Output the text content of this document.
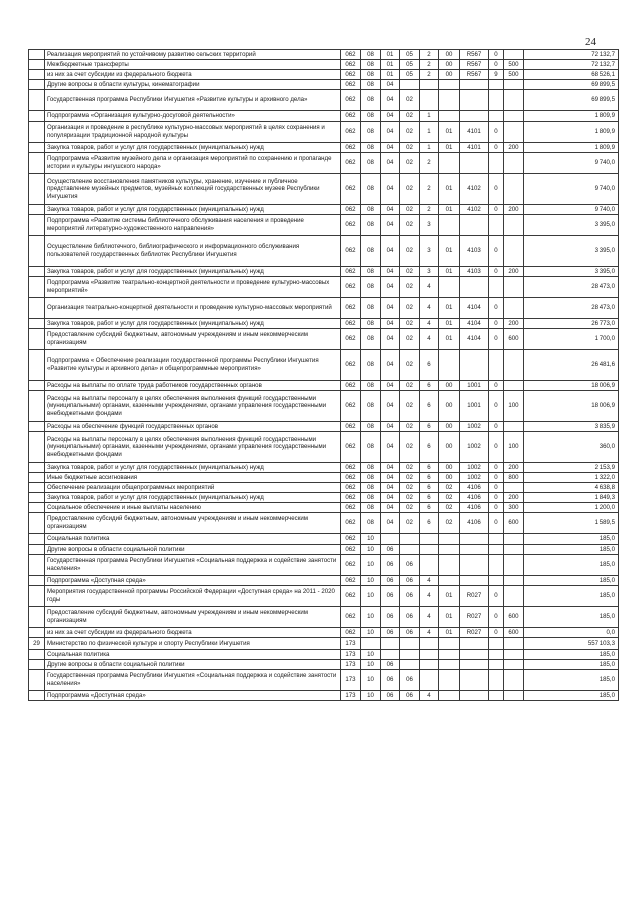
24
	Реализация мероприятий по устойчивому развитию сельских территорий	062	08	01	05	2	00	R567	0		72 132,7
	Межбюджетные трансферты	062	08	01	05	2	00	R567	0	500	72 132,7
	из них за счет субсидии из федерального бюджета	062	08	01	05	2	00	R567	9	500	68 526,1
	Другие вопросы в области культуры, кинематографии	062	08	04							69 899,5
	Государственная программа Республики Ингушетия «Развитие культуры и архивного дела»	062	08	04	02						69 899,5
	Подпрограмма «Организация культурно-досуговой деятельности»	062	08	04	02	1					1 809,9
	Организация и проведение в республике культурно-массовых мероприятий в целях сохранения и популяризации традиционной народной культуры	062	08	04	02	1	01	4101	0		1 809,9
	Закупка товаров, работ и услуг для государственных (муниципальных) нужд	062	08	04	02	1	01	4101	0	200	1 809,9
	Подпрограмма «Развитие музейного дела и организация мероприятий по сохранению и пропаганде истории и культуры ингушского народа»	062	08	04	02	2					9 740,0
	Осуществление восстановления памятников культуры, хранение, изучение и публичное представление музейных предметов, музейных коллекций государственных музеев Республики Ингушетия	062	08	04	02	2	01	4102	0		9 740,0
	Закупка товаров, работ и услуг для государственных (муниципальных) нужд	062	08	04	02	2	01	4102	0	200	9 740,0
	Подпрограмма «Развитие системы библиотечного обслуживания населения и проведение мероприятий литературно-художественного направления»	062	08	04	02	3					3 395,0
	Осуществление библиотечного, библиографического и информационного обслуживания пользователей государственных библиотек Республики Ингушетия	062	08	04	02	3	01	4103	0		3 395,0
	Закупка товаров, работ и услуг для государственных (муниципальных) нужд	062	08	04	02	3	01	4103	0	200	3 395,0
	Подпрограмма «Развитие театрально-концертной деятельности и проведение культурно-массовых мероприятий»	062	08	04	02	4					28 473,0
	Организация театрально-концертной деятельности и проведение культурно-массовых мероприятий	062	08	04	02	4	01	4104	0		28 473,0
	Закупка товаров, работ и услуг для государственных (муниципальных) нужд	062	08	04	02	4	01	4104	0	200	26 773,0
	Предоставление субсидий бюджетным, автономным учреждениям и иным некоммерческим организациям	062	08	04	02	4	01	4104	0	600	1 700,0
	Подпрограмма « Обеспечение реализации государственной программы Республики Ингушетия «Развитие культуры и архивного дела» и общепрограммные мероприятия»	062	08	04	02	6					26 481,6
	Расходы на выплаты по оплате труда работников государственных органов	062	08	04	02	6	00	1001	0		18 006,9
	Расходы на выплаты персоналу в целях обеспечения выполнения функций государственными (муниципальными) органами, казенными учреждениями, органами управления государственными внебюджетными фондами	062	08	04	02	6	00	1001	0	100	18 006,9
	Расходы на обеспечение функций государственных органов	062	08	04	02	6	00	1002	0		3 835,9
	Расходы на выплаты персоналу в целях обеспечения выполнения функций государственными (муниципальными) органами, казенными учреждениями, органами управления государственными внебюджетными фондами	062	08	04	02	6	00	1002	0	100	360,0
	Закупка товаров, работ и услуг для государственных (муниципальных) нужд	062	08	04	02	6	00	1002	0	200	2 153,9
	Иные бюджетные ассигнования	062	08	04	02	6	00	1002	0	800	1 322,0
	Обеспечение реализации общепрограммных мероприятий	062	08	04	02	6	02	4106	0		4 638,8
	Закупка товаров, работ и услуг для государственных (муниципальных) нужд	062	08	04	02	6	02	4106	0	200	1 849,3
	Социальное обеспечение и иные выплаты населению	062	08	04	02	6	02	4106	0	300	1 200,0
	Предоставление субсидий бюджетным, автономным учреждениям и иным некоммерческим организациям	062	08	04	02	6	02	4106	0	600	1 589,5
	Социальная политика	062	10								185,0
	Другие вопросы в области социальной политики	062	10	06							185,0
	Государственная программа Республики Ингушетия «Социальная поддержка и содействие занятости населения»	062	10	06	06						185,0
	Подпрограмма «Доступная среда»	062	10	06	06	4					185,0
	Мероприятия государственной программы Российской Федерации «Доступная среда» на 2011 - 2020 годы	062	10	06	06	4	01	R027	0		185,0
	Предоставление субсидий бюджетным, автономным учреждениям и иным некоммерческим организациям	062	10	06	06	4	01	R027	0	600	185,0
	из них за счет субсидии из федерального бюджета	062	10	06	06	4	01	R027	0	600	0,0
29	Министерство по физической культуре и спорту Республики Ингушетия	173									557 103,3
	Социальная политика	173	10								185,0
	Другие вопросы в области социальной политики	173	10	06							185,0
	Государственная программа Республики Ингушетия «Социальная поддержка и содействие занятости населения»	173	10	06	06						185,0
	Подпрограмма «Доступная среда»	173	10	06	06	4					185,0
